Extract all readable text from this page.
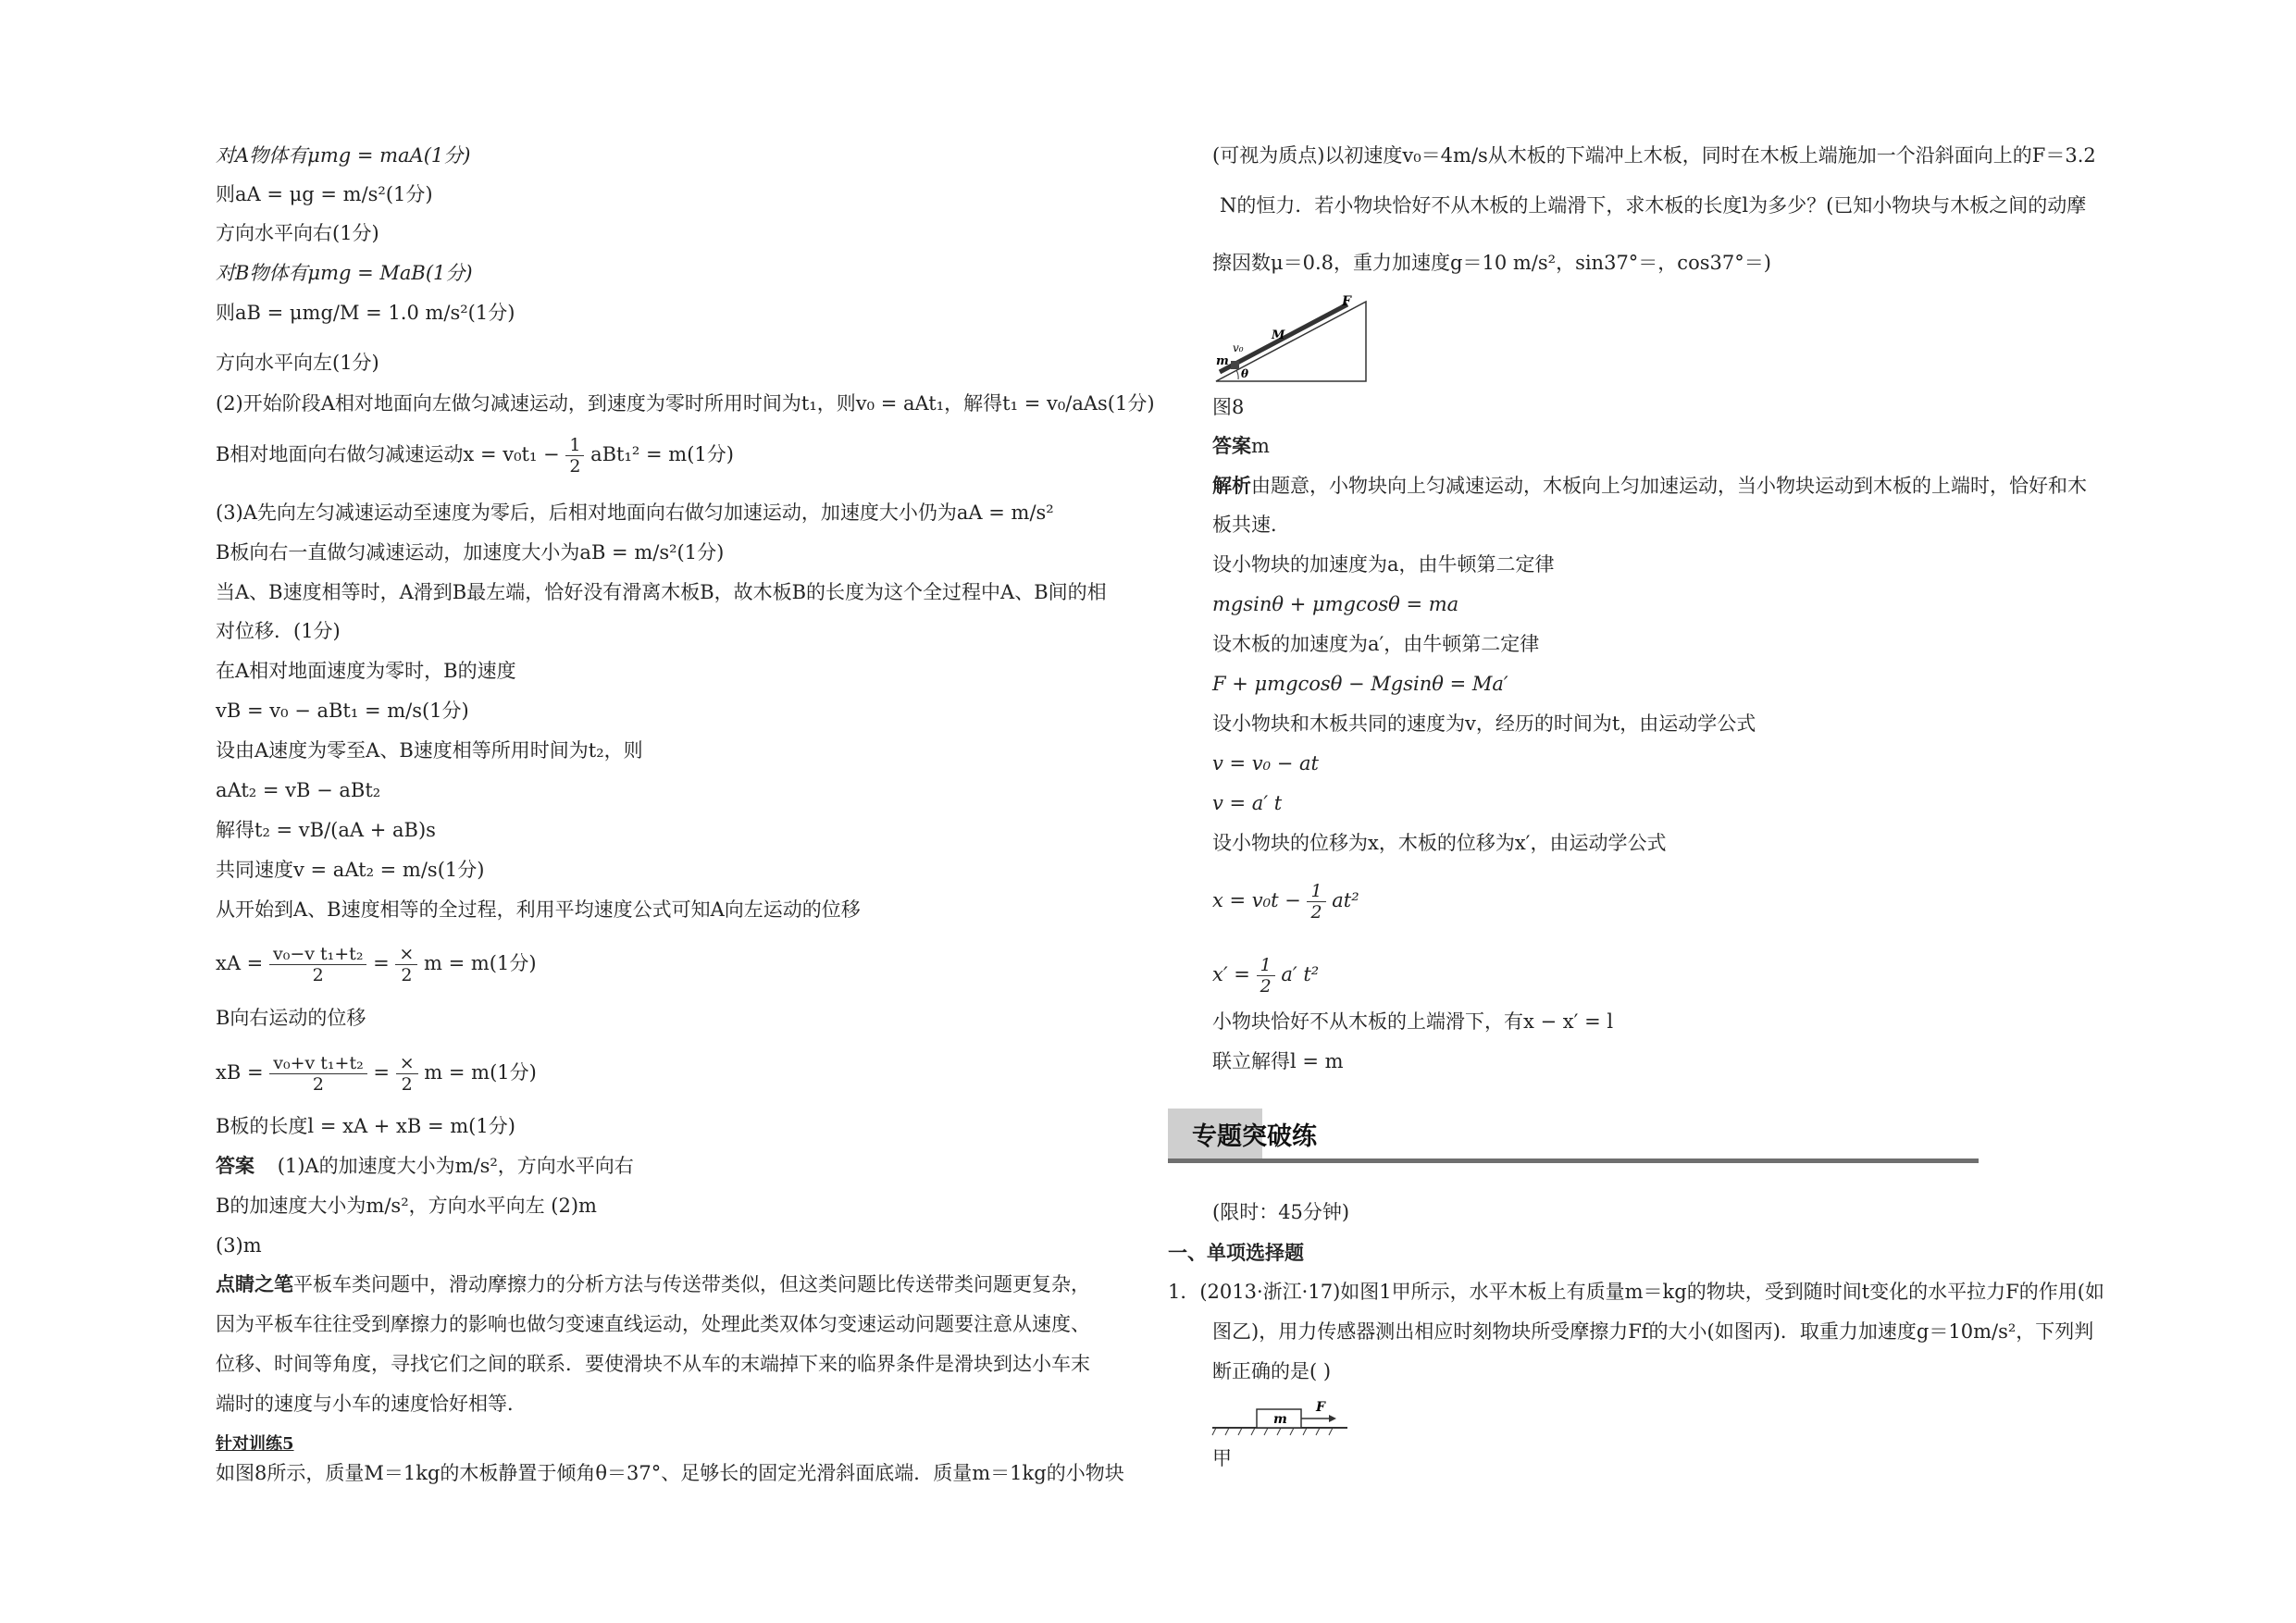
对A物体有μmg = maA(1分)
则aA = μg = m/s²(1分)
方向水平向右(1分)
对B物体有μmg = MaB(1分)
则aB = μmg/M = 1.0 m/s²(1分)
方向水平向左(1分)
(2)开始阶段A相对地面向左做匀减速运动，到速度为零时所用时间为t₁，则v₀ = aAt₁，解得t₁ = v₀/aAs(1分)
B相对地面向右做匀减速运动$x = v_0t_1 - \frac{1}{2} aBt_1^2 = m(1$分)
(3)A先向左匀减速运动至速度为零后，后相对地面向右做匀加速运动，加速度大小仍为aA = m/s²
B板向右一直做匀减速运动，加速度大小为aB = m/s²(1分)
当A、B速度相等时，A滑到B最左端，恰好没有滑离木板B，故木板B的长度为这个全过程中A、B间的相
对位移．(1分)
在A相对地面速度为零时，B的速度
vB = v₀ − aBt₁ = m/s(1分)
设由A速度为零至A、B速度相等所用时间为t₂，则
aAt₂ = vB − aBt₂
解得t₂ = vB/(aA + aB)s
共同速度v = aAt₂ = m/s(1分)
从开始到A、B速度相等的全过程，利用平均速度公式可知A向左运动的位移
xA = $\frac{\text{v₀−v t₁+t₂}}{2} = \frac{\times}{2}$ m = m(1分)
B向右运动的位移
xB = $\frac{\text{v₀+v t₁+t₂}}{2} = \frac{\times}{2}$ m = m(1分)
B板的长度l = xA + xB = m(1分)
答案 (1)A的加速度大小为m/s²，方向水平向右
B的加速度大小为m/s²，方向水平向左 (2)m
(3)m
点睛之笔平板车类问题中，滑动摩擦力的分析方法与传送带类似，但这类问题比传送带类问题更复杂，
因为平板车往往受到摩擦力的影响也做匀变速直线运动，处理此类双体匀变速运动问题要注意从速度、
位移、时间等角度，寻找它们之间的联系．要使滑块不从车的末端掉下来的临界条件是滑块到达小车末
端时的速度与小车的速度恰好相等．
针对训练5
如图8所示，质量M＝1kg的木板静置于倾角θ＝37°、足够长的固定光滑斜面底端．质量m＝1kg的小物块
(可视为质点)以初速度v₀＝4m/s从木板的下端冲上木板，同时在木板上端施加一个沿斜面向上的F＝3.2
N的恒力．若小物块恰好不从木板的上端滑下，求木板的长度l为多少？(已知小物块与木板之间的动摩
擦因数μ＝0.8，重力加速度g＝10 m/s²，sin37°＝，cos37°＝)
F
M
v₀
m
θ
图8
答案m
解析由题意，小物块向上匀减速运动，木板向上匀加速运动，当小物块运动到木板的上端时，恰好和木
板共速．
设小物块的加速度为a，由牛顿第二定律
mgsinθ + μmgcosθ = ma
设木板的加速度为a′，由牛顿第二定律
F + μmgcosθ − Mgsinθ = Ma′
设小物块和木板共同的速度为v，经历的时间为t，由运动学公式
v = v₀ − at
v = a′ t
设小物块的位移为x，木板的位移为x′，由运动学公式
$x = v_0t - \frac{1}{2} at^2$
$x' = \frac{1}{2} a'$ t²
小物块恰好不从木板的上端滑下，有x − x′ = l
联立解得l = m
专题突破练
(限时：45分钟)
一、单项选择题
1．(2013·浙江·17)如图1甲所示，水平木板上有质量m＝kg的物块，受到随时间t变化的水平拉力F的作用(如
图乙)，用力传感器测出相应时刻物块所受摩擦力Ff的大小(如图丙)．取重力加速度g＝10m/s²，下列判
断正确的是( )
m
F
甲
